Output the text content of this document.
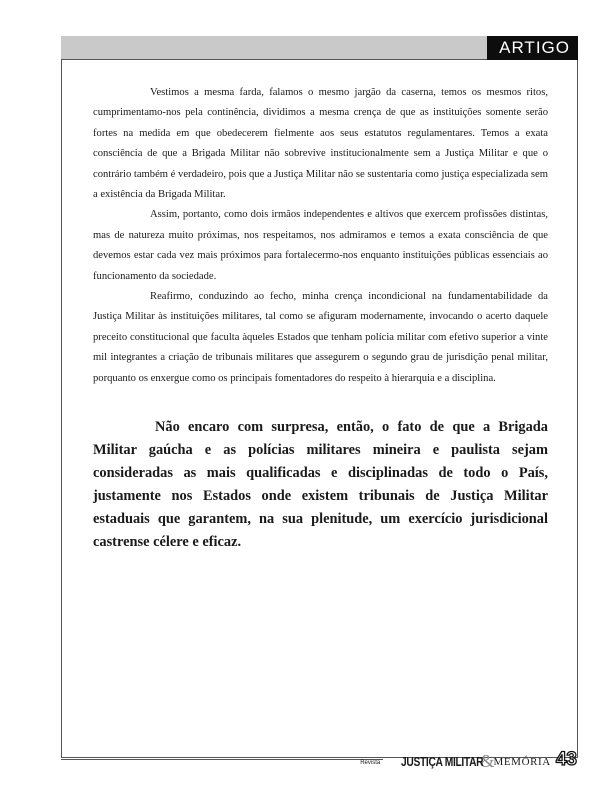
ARTIGO

Vestimos a mesma farda, falamos o mesmo jargão da caserna, temos os mesmos ritos, cumprimentamo-nos pela continência, dividimos a mesma crença de que as instituições somente serão fortes na medida em que obedecerem fielmente aos seus estatutos regulamentares. Temos a exata consciência de que a Brigada Militar não sobrevive institucionalmente sem a Justiça Militar e que o contrário também é verdadeiro, pois que a Justiça Militar não se sustentaria como justiça especializada sem a existência da Brigada Militar.

Assim, portanto, como dois irmãos independentes e altivos que exercem profissões distintas, mas de natureza muito próximas, nos respeitamos, nos admiramos e temos a exata consciência de que devemos estar cada vez mais próximos para fortalecermo-nos enquanto instituições públicas essenciais ao funcionamento da sociedade.

Reafirmo, conduzindo ao fecho, minha crença incondicional na fundamentabilidade da Justiça Militar às instituições militares, tal como se afiguram modernamente, invocando o acerto daquele preceito constitucional que faculta àqueles Estados que tenham polícia militar com efetivo superior a vinte mil integrantes a criação de tribunais militares que assegurem o segundo grau de jurisdição penal militar, porquanto os enxergue como os principais fomentadores do respeito à hierarquia e a disciplina.

Não encaro com surpresa, então, o fato de que a Brigada Militar gaúcha e as polícias militares mineira e paulista sejam consideradas as mais qualificadas e disciplinadas de todo o País, justamente nos Estados onde existem tribunais de Justiça Militar estaduais que garantem, na sua plenitude, um exercício jurisdicional castrense célere e eficaz.

Revista JUSTIÇA MILITAR
& MEMÓRIA 43
